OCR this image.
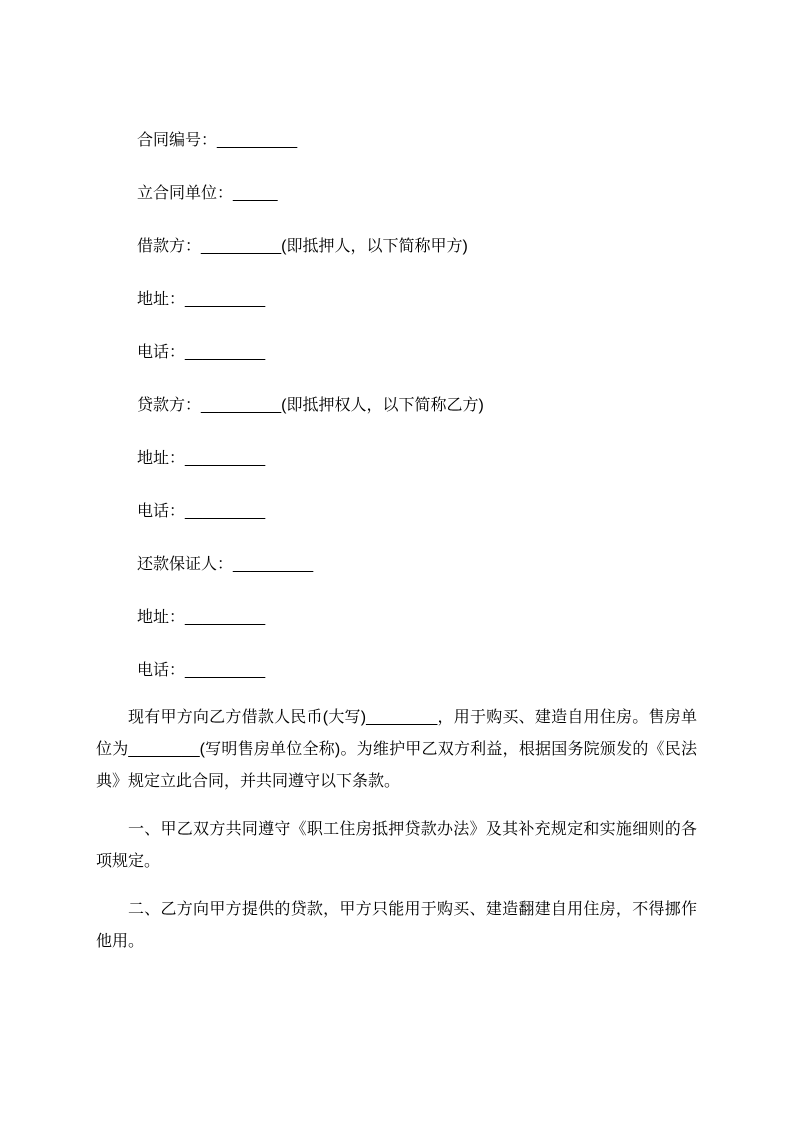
合同编号：_________
立合同单位：_____
借款方：_________(即抵押人，以下简称甲方)
地址：_________
电话：_________
贷款方：_________(即抵押权人，以下简称乙方)
地址：_________
电话：_________
还款保证人：_________
地址：_________
电话：_________
现有甲方向乙方借款人民币(大写)________，用于购买、建造自用住房。售房单位为________(写明售房单位全称)。为维护甲乙双方利益，根据国务院颁发的《民法典》规定立此合同，并共同遵守以下条款。
一、甲乙双方共同遵守《职工住房抵押贷款办法》及其补充规定和实施细则的各项规定。
二、乙方向甲方提供的贷款，甲方只能用于购买、建造翻建自用住房，不得挪作他用。
